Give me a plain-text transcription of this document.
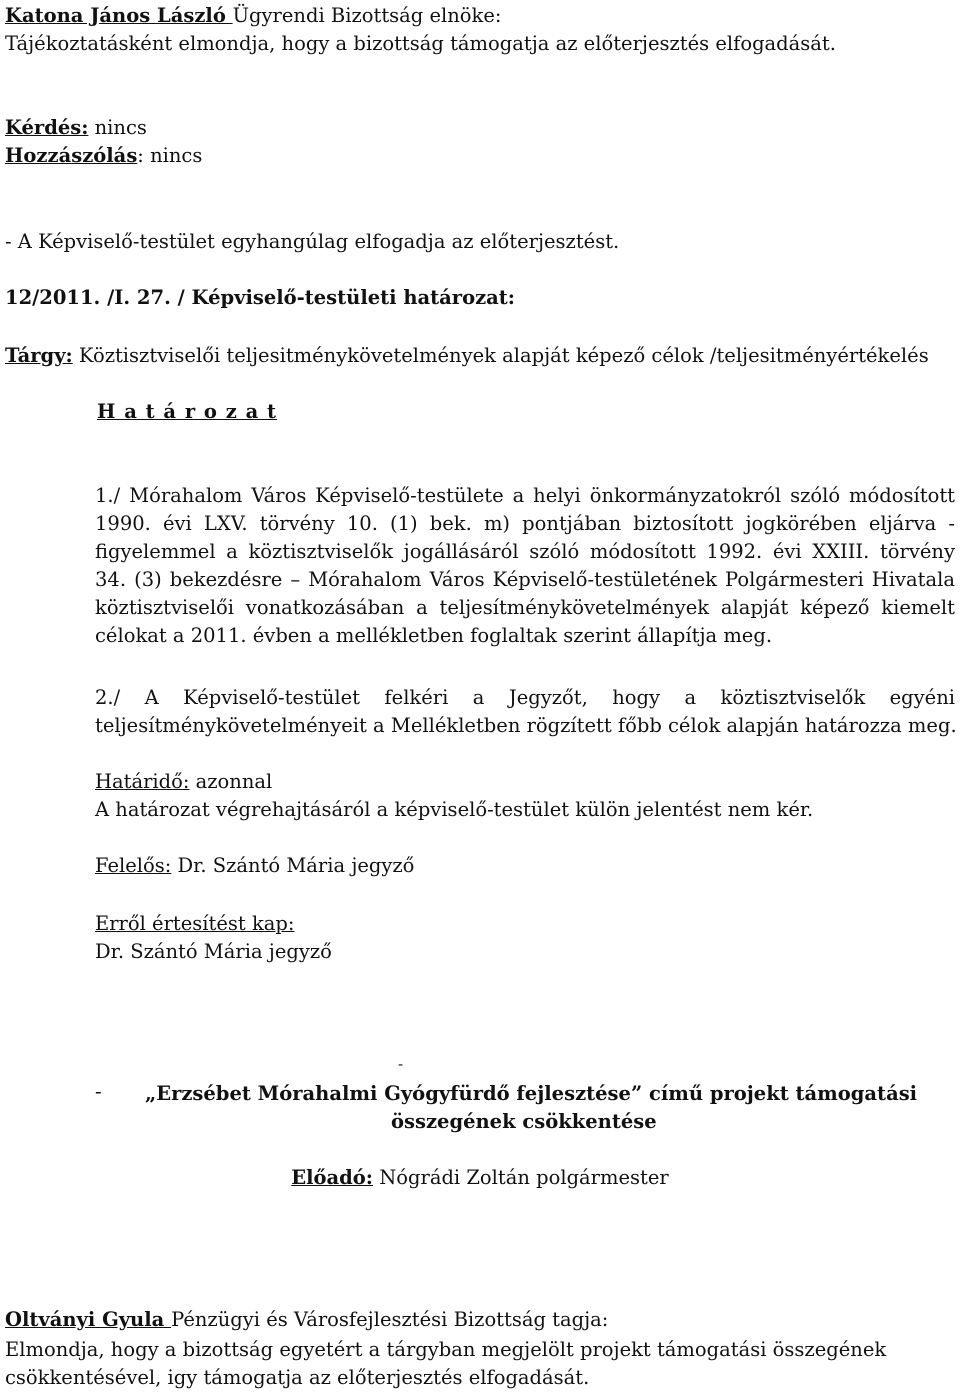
Katona János László Ügyrendi Bizottság elnöke:
Tájékoztatásként elmondja, hogy a bizottság támogatja az előterjesztés elfogadását.
Kérdés: nincs
Hozzászólás: nincs
- A Képviselő-testület egyhangúlag elfogadja az előterjesztést.
12/2011. /I. 27. / Képviselő-testületi határozat:
Tárgy: Köztisztviselői teljesitménykövetelmények alapját képező célok /teljesitményértékelés
H a t á r o z a t
1./ Mórahalom Város Képviselő-testülete a helyi önkormányzatokról szóló módosított
1990. évi LXV. törvény 10. (1) bek. m) pontjában biztosított jogkörében eljárva -
figyelemmel a köztisztviselők jogállásáról szóló módosított 1992. évi XXIII. törvény
34. (3) bekezdésre – Mórahalom Város Képviselő-testületének Polgármesteri Hivatala
köztisztviselői vonatkozásában a teljesítménykövetelmények alapját képező kiemelt
célokat a 2011. évben a mellékletben foglaltak szerint állapítja meg.
2./ A Képviselő-testület felkéri a Jegyzőt, hogy a köztisztviselők egyéni
teljesítménykövetelményeit a Mellékletben rögzített főbb célok alapján határozza meg.
Határidő: azonnal
A határozat végrehajtásáról a képviselő-testület külön jelentést nem kér.
Felelős: Dr. Szántó Mária jegyző
Erről értesítést kap:
Dr. Szántó Mária jegyző
-
- „Erzsébet Mórahalmi Gyógyfürdő fejlesztése” című projekt támogatási
összegének csökkentése
Előadó: Nógrádi Zoltán polgármester
Oltványi Gyula Pénzügyi és Városfejlesztési Bizottság tagja:
Elmondja, hogy a bizottság egyetért a tárgyban megjelölt projekt támogatási összegének
csökkentésével, igy támogatja az előterjesztés elfogadását.
